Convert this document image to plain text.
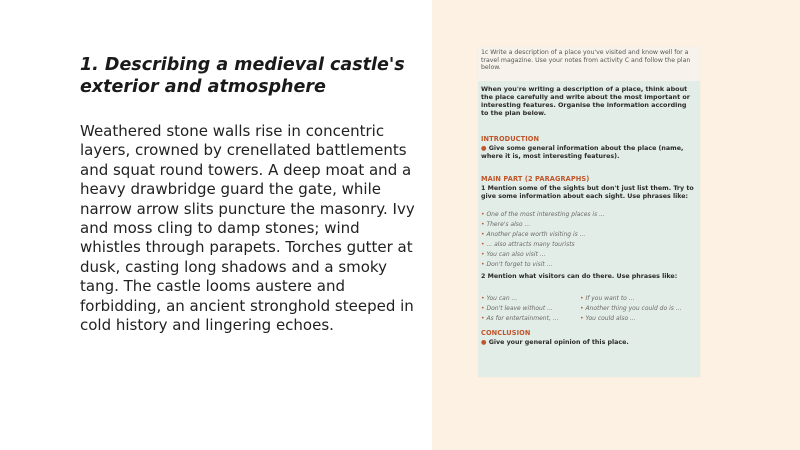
1. Describing a medieval castle's
exterior and atmosphere

Weathered stone walls rise in concentric layers, crowned by crenellated battlements and squat round towers. A deep moat and a heavy drawbridge guard the gate, while narrow arrow slits puncture the masonry. Ivy and moss cling to damp stones; wind whistles through parapets. Torches gutter at dusk, casting long shadows and a smoky tang. The castle looms austere and forbidding, an ancient stronghold steeped in cold history and lingering echoes.

1c Write a description of a place you've visited and know well for a travel magazine. Use your notes from activity C and follow the plan below.
When you're writing a description of a place, think about the place carefully and write about the most important or interesting features. Organise the information according to the plan below.
INTRODUCTION
● Give some general information about the place (name, where it is, most interesting features).
MAIN PART (2 PARAGRAPHS)
1 Mention some of the sights but don't just list them. Try to give some information about each sight. Use phrases like:
• One of the most interesting places is ...
• There's also ...
• Another place worth visiting is ...
• ... also attracts many tourists
• You can also visit ...
• Don't forget to visit ...
2 Mention what visitors can do there. Use phrases like:
• You can ...
• Don't leave without ...
• As for entertainment, ...
• If you want to ...
• Another thing you could do is ...
• You could also ...
CONCLUSION
● Give your general opinion of this place.
